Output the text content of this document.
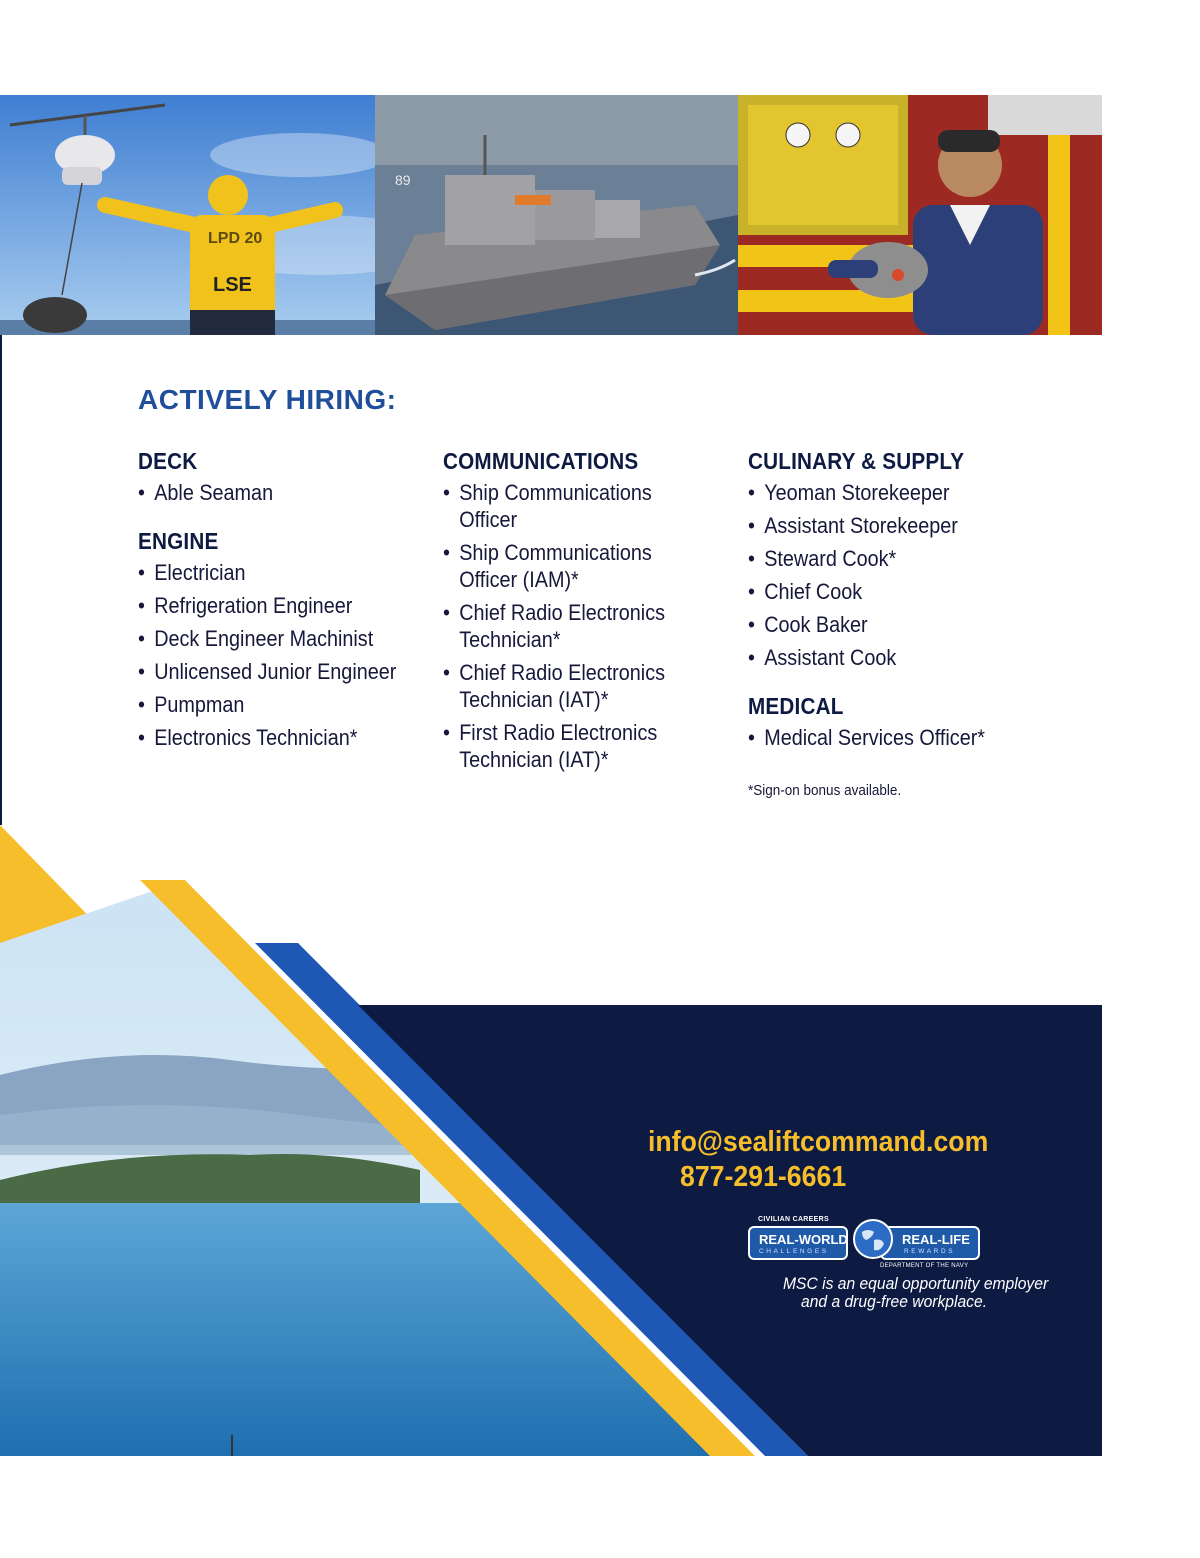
LPD 20
LSE
89
ACTIVELY HIRING:
DECK
• Able Seaman
ENGINE
• Electrician
• Refrigeration Engineer
• Deck Engineer Machinist
• Unlicensed Junior Engineer
• Pumpman
• Electronics Technician*
COMMUNICATIONS
• Ship Communications Officer
• Ship Communications Officer (IAM)*
• Chief Radio Electronics Technician*
• Chief Radio Electronics Technician (IAT)*
• First Radio Electronics Technician (IAT)*
CULINARY & SUPPLY
• Yeoman Storekeeper
• Assistant Storekeeper
• Steward Cook*
• Chief Cook
• Cook Baker
• Assistant Cook
MEDICAL
• Medical Services Officer*
*Sign-on bonus available.
info@sealiftcommand.com
877-291-6661
CIVILIAN CAREERS
REAL-WORLD
CHALLENGES
REAL-LIFE
REWARDS
DEPARTMENT OF THE NAVY
MSC is an equal opportunity employer
and a drug-free workplace.
